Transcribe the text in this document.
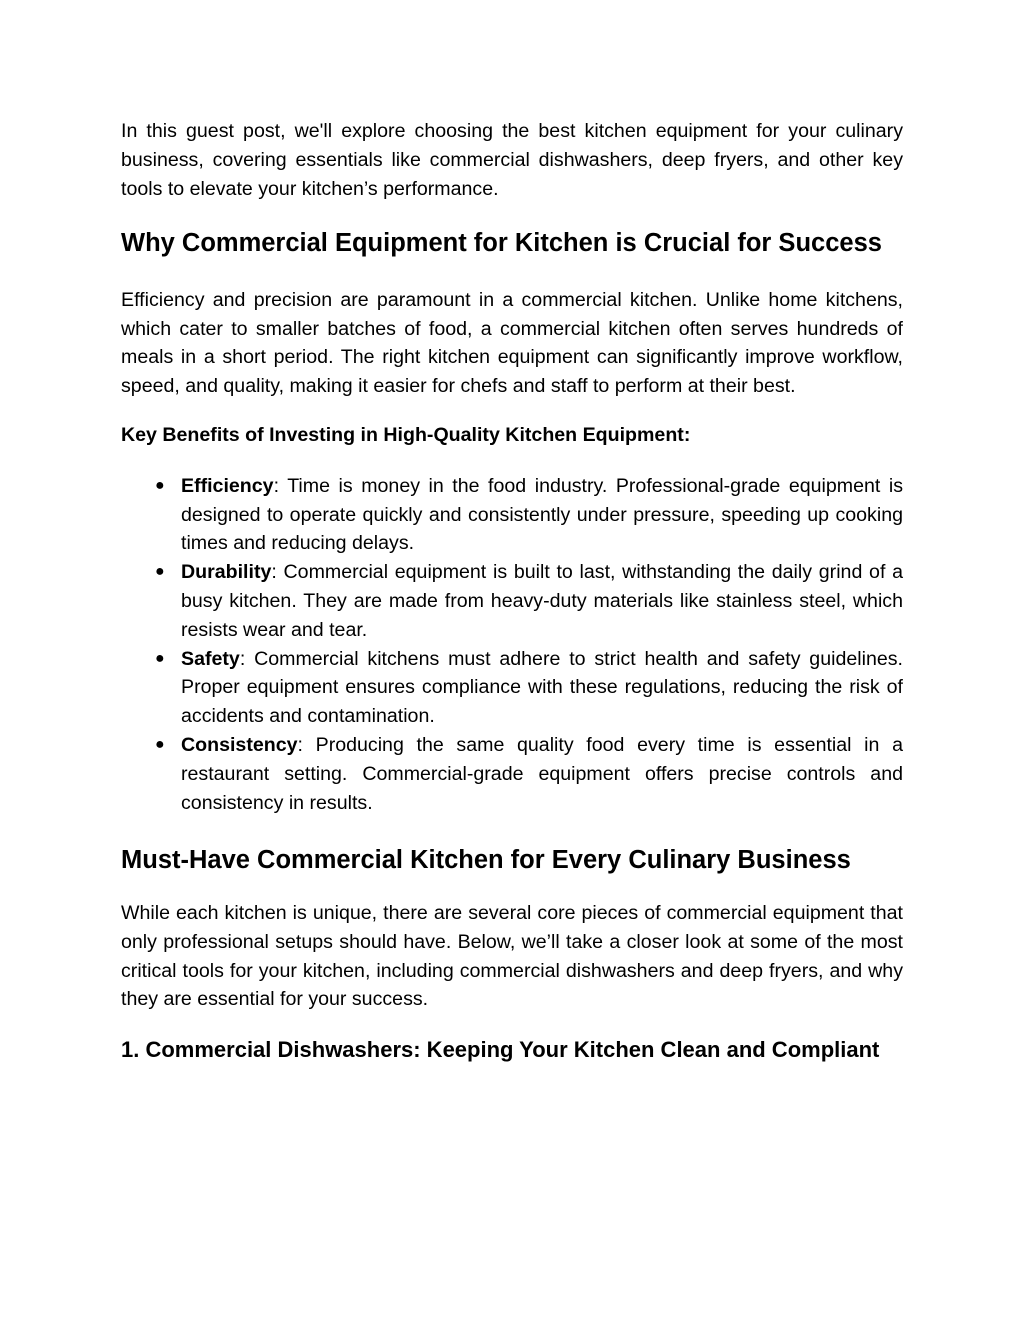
In this guest post, we'll explore choosing the best kitchen equipment for your culinary business, covering essentials like commercial dishwashers, deep fryers, and other key tools to elevate your kitchen’s performance.

Why Commercial Equipment for Kitchen is Crucial for Success

Efficiency and precision are paramount in a commercial kitchen. Unlike home kitchens, which cater to smaller batches of food, a commercial kitchen often serves hundreds of meals in a short period. The right kitchen equipment can significantly improve workflow, speed, and quality, making it easier for chefs and staff to perform at their best.

Key Benefits of Investing in High-Quality Kitchen Equipment:
● Efficiency: Time is money in the food industry. Professional-grade equipment is designed to operate quickly and consistently under pressure, speeding up cooking times and reducing delays.
● Durability: Commercial equipment is built to last, withstanding the daily grind of a busy kitchen. They are made from heavy-duty materials like stainless steel, which resists wear and tear.
● Safety: Commercial kitchens must adhere to strict health and safety guidelines. Proper equipment ensures compliance with these regulations, reducing the risk of accidents and contamination.
● Consistency: Producing the same quality food every time is essential in a restaurant setting. Commercial-grade equipment offers precise controls and consistency in results.
Must-Have Commercial Kitchen for Every Culinary Business

While each kitchen is unique, there are several core pieces of commercial equipment that only professional setups should have. Below, we’ll take a closer look at some of the most critical tools for your kitchen, including commercial dishwashers and deep fryers, and why they are essential for your success.

1. Commercial Dishwashers: Keeping Your Kitchen Clean and Compliant
